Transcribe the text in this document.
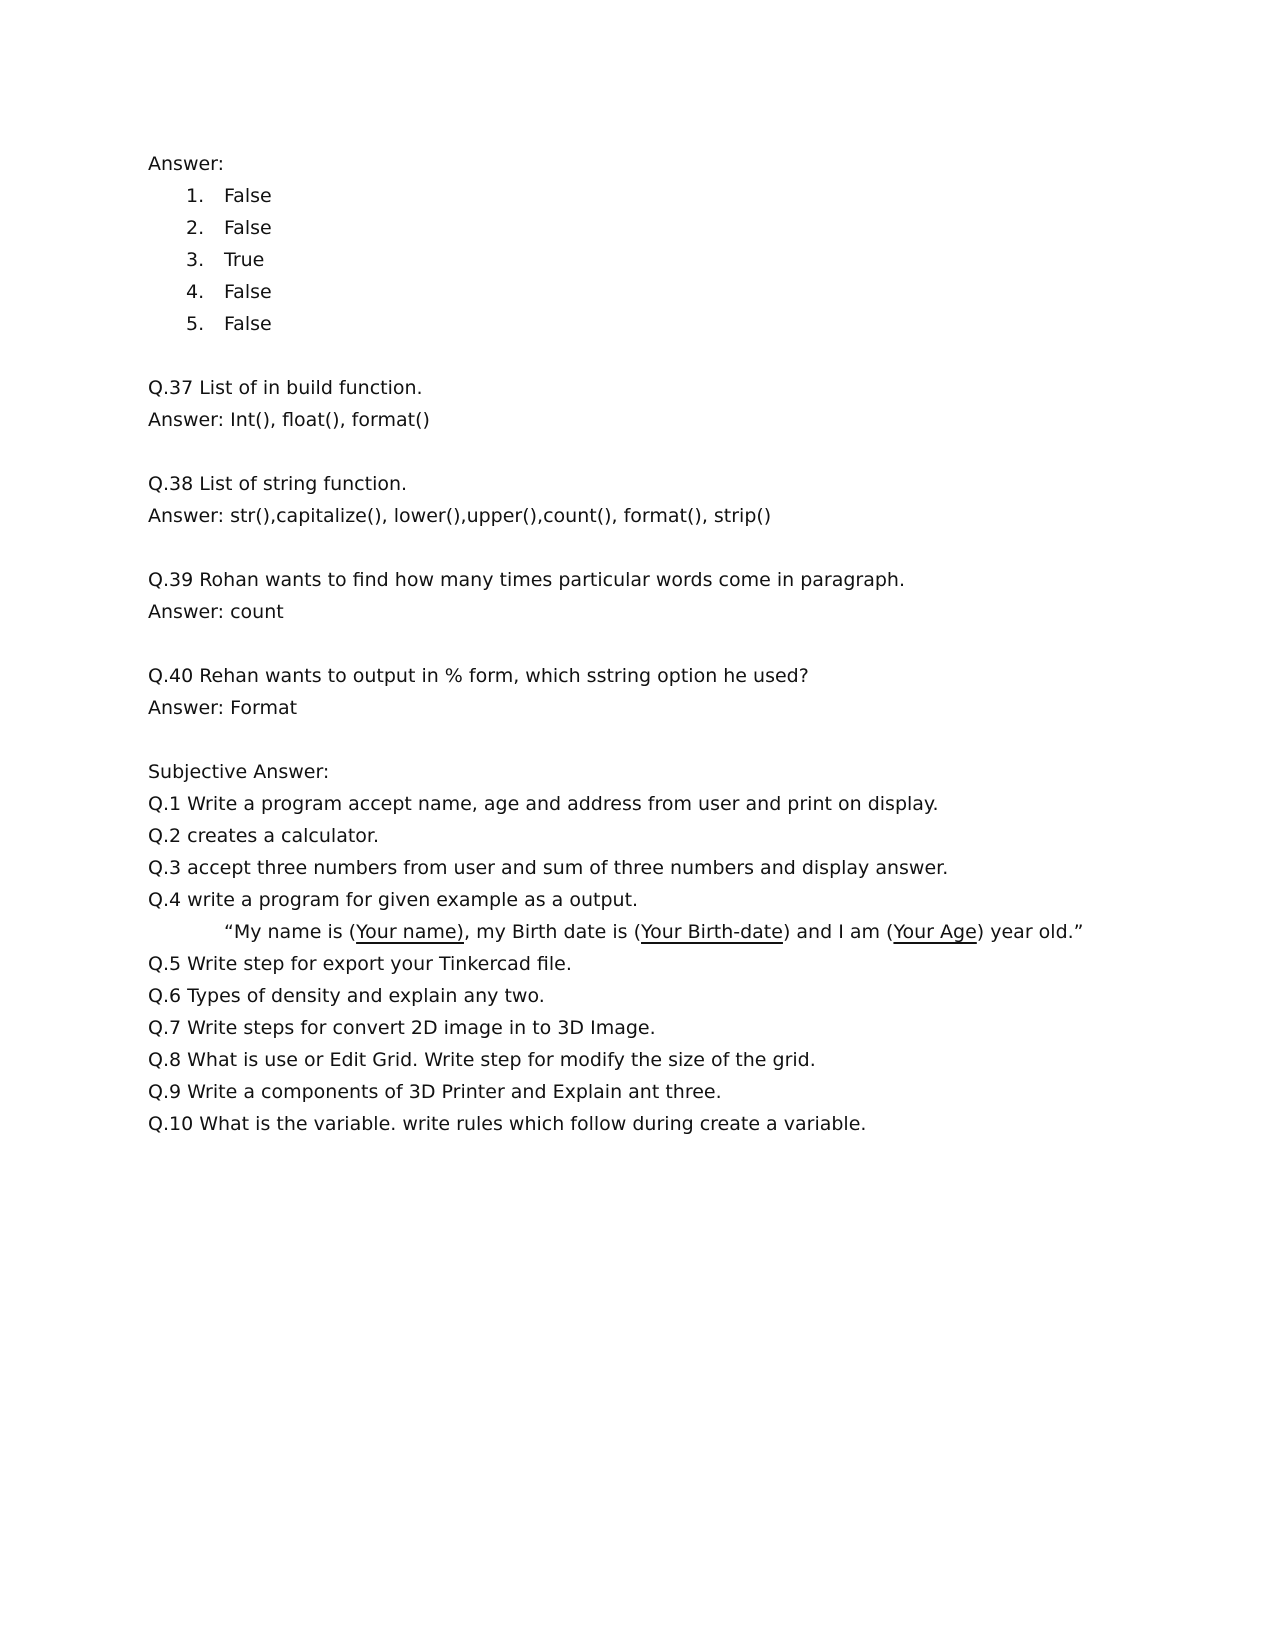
Answer:
1. False
2. False
3. True
4. False
5. False
Q.37 List of in build function.
Answer: Int(), float(), format()
Q.38 List of string function.
Answer: str(),capitalize(), lower(),upper(),count(), format(), strip()
Q.39 Rohan wants to find how many times particular words come in paragraph.
Answer: count
Q.40 Rehan wants to output in % form, which sstring option he used?
Answer: Format
Subjective Answer:
Q.1 Write a program accept name, age and address from user and print on display.
Q.2 creates a calculator.
Q.3 accept three numbers from user and sum of three numbers and display answer.
Q.4 write a program for given example as a output.
“My name is (Your name), my Birth date is (Your Birth-date) and I am (Your Age) year old.”
Q.5 Write step for export your Tinkercad file.
Q.6 Types of density and explain any two.
Q.7 Write steps for convert 2D image in to 3D Image.
Q.8 What is use or Edit Grid. Write step for modify the size of the grid.
Q.9 Write a components of 3D Printer and Explain ant three.
Q.10 What is the variable. write rules which follow during create a variable.
